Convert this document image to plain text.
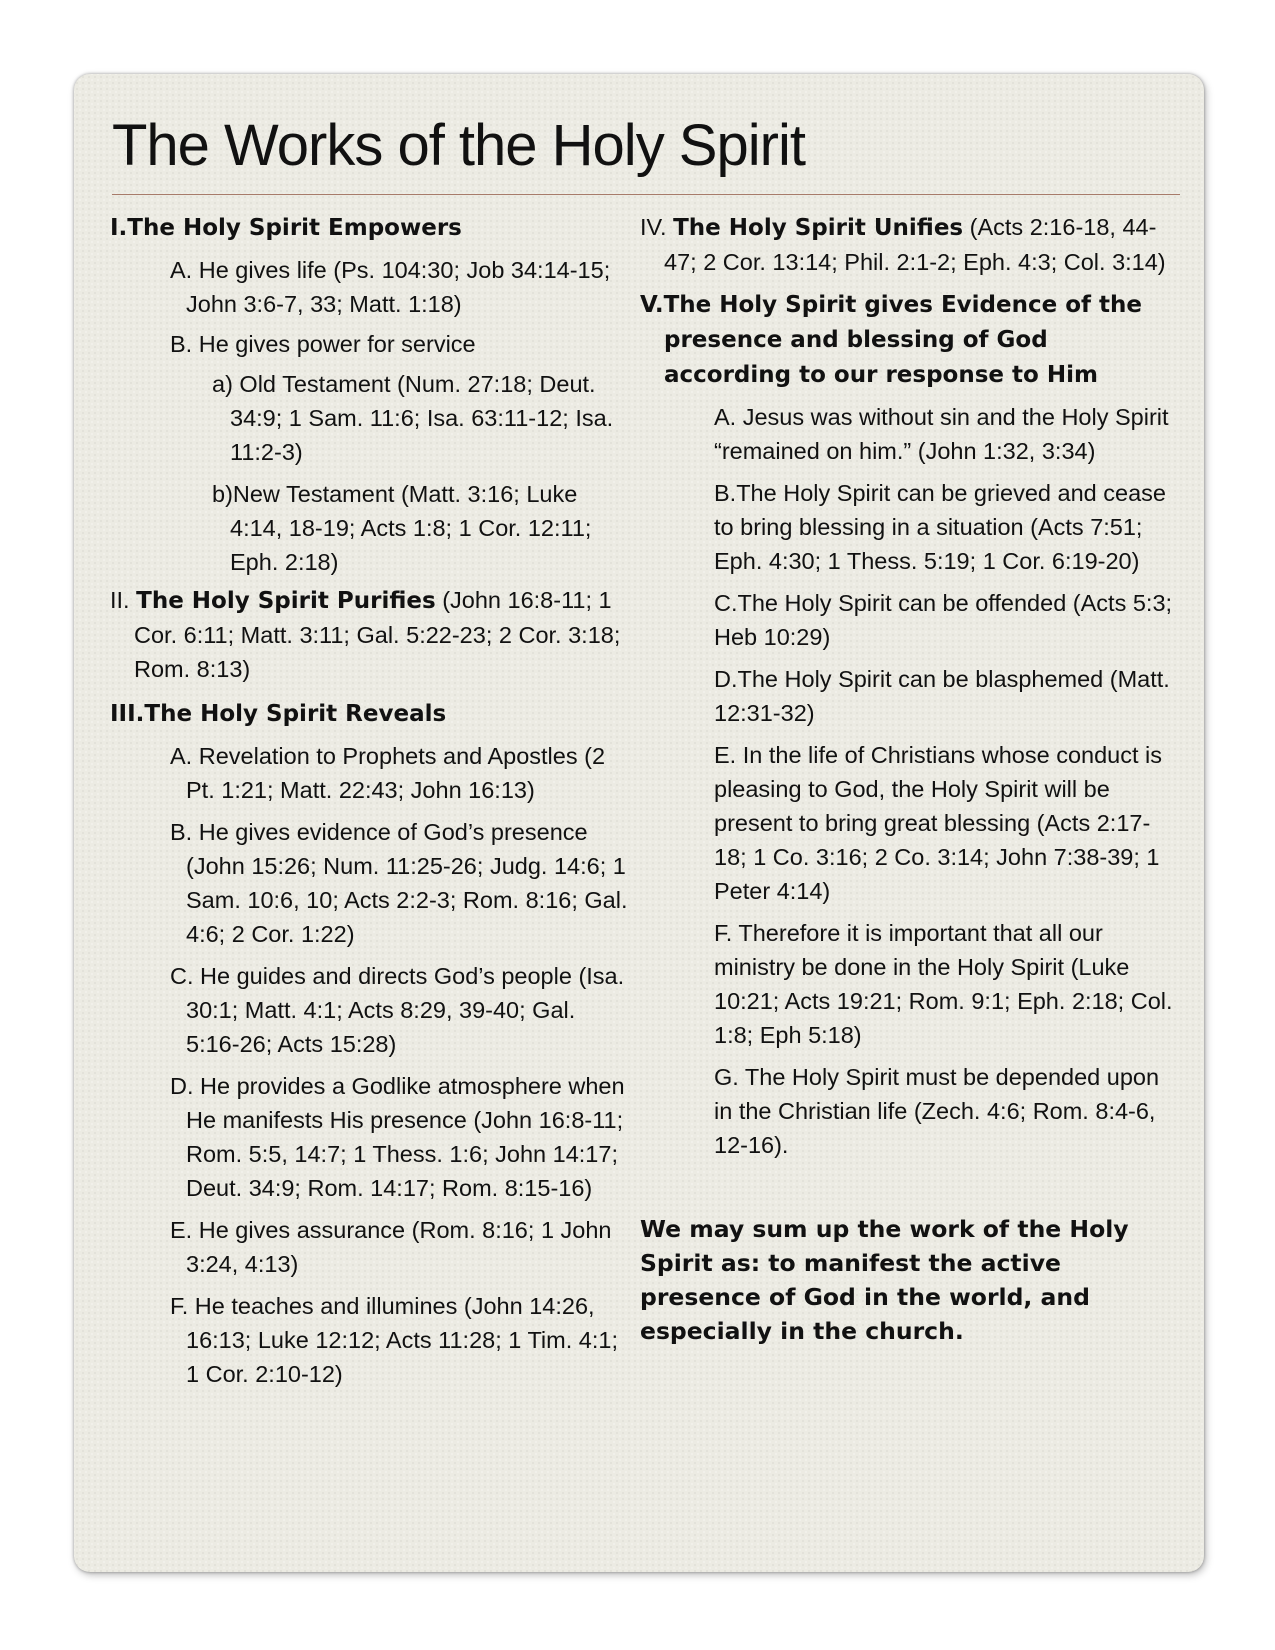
The Works of the Holy Spirit

I.The Holy Spirit Empowers

A. He gives life (Ps. 104:30; Job 34:14-15; John 3:6-7, 33; Matt. 1:18)

B. He gives power for service

a) Old Testament (Num. 27:18; Deut. 34:9; 1 Sam. 11:6; Isa. 63:11-12; Isa. 11:2-3)

b)New Testament (Matt. 3:16; Luke 4:14, 18-19; Acts 1:8; 1 Cor. 12:11; Eph. 2:18)

II. The Holy Spirit Purifies (John 16:8-11; 1 Cor. 6:11; Matt. 3:11; Gal. 5:22-23; 2 Cor. 3:18; Rom. 8:13)

III.The Holy Spirit Reveals

A. Revelation to Prophets and Apostles (2 Pt. 1:21; Matt. 22:43; John 16:13)

B. He gives evidence of God’s presence (John 15:26; Num. 11:25-26; Judg. 14:6; 1 Sam. 10:6, 10; Acts 2:2-3; Rom. 8:16; Gal. 4:6; 2 Cor. 1:22)

C. He guides and directs God’s people (Isa. 30:1; Matt. 4:1; Acts 8:29, 39-40; Gal. 5:16-26; Acts 15:28)

D. He provides a Godlike atmosphere when He manifests His presence (John 16:8-11; Rom. 5:5, 14:7; 1 Thess. 1:6; John 14:17; Deut. 34:9; Rom. 14:17; Rom. 8:15-16)

E. He gives assurance (Rom. 8:16; 1 John 3:24, 4:13)

F. He teaches and illumines (John 14:26, 16:13; Luke 12:12; Acts 11:28; 1 Tim. 4:1; 1 Cor. 2:10-12)

IV. The Holy Spirit Unifies (Acts 2:16-18, 44-47; 2 Cor. 13:14; Phil. 2:1-2; Eph. 4:3; Col. 3:14)

V.The Holy Spirit gives Evidence of the presence and blessing of God according to our response to Him

A. Jesus was without sin and the Holy Spirit “remained on him.” (John 1:32, 3:34)

B.The Holy Spirit can be grieved and cease to bring blessing in a situation (Acts 7:51; Eph. 4:30; 1 Thess. 5:19; 1 Cor. 6:19-20)

C.The Holy Spirit can be offended (Acts 5:3; Heb 10:29)

D.The Holy Spirit can be blasphemed (Matt. 12:31-32)

E. In the life of Christians whose conduct is pleasing to God, the Holy Spirit will be present to bring great blessing (Acts 2:17-18; 1 Co. 3:16; 2 Co. 3:14; John 7:38-39; 1 Peter 4:14)

F. Therefore it is important that all our ministry be done in the Holy Spirit (Luke 10:21; Acts 19:21; Rom. 9:1; Eph. 2:18; Col. 1:8; Eph 5:18)

G. The Holy Spirit must be depended upon in the Christian life (Zech. 4:6; Rom. 8:4-6, 12-16).

We may sum up the work of the Holy Spirit as: to manifest the active presence of God in the world, and especially in the church.
